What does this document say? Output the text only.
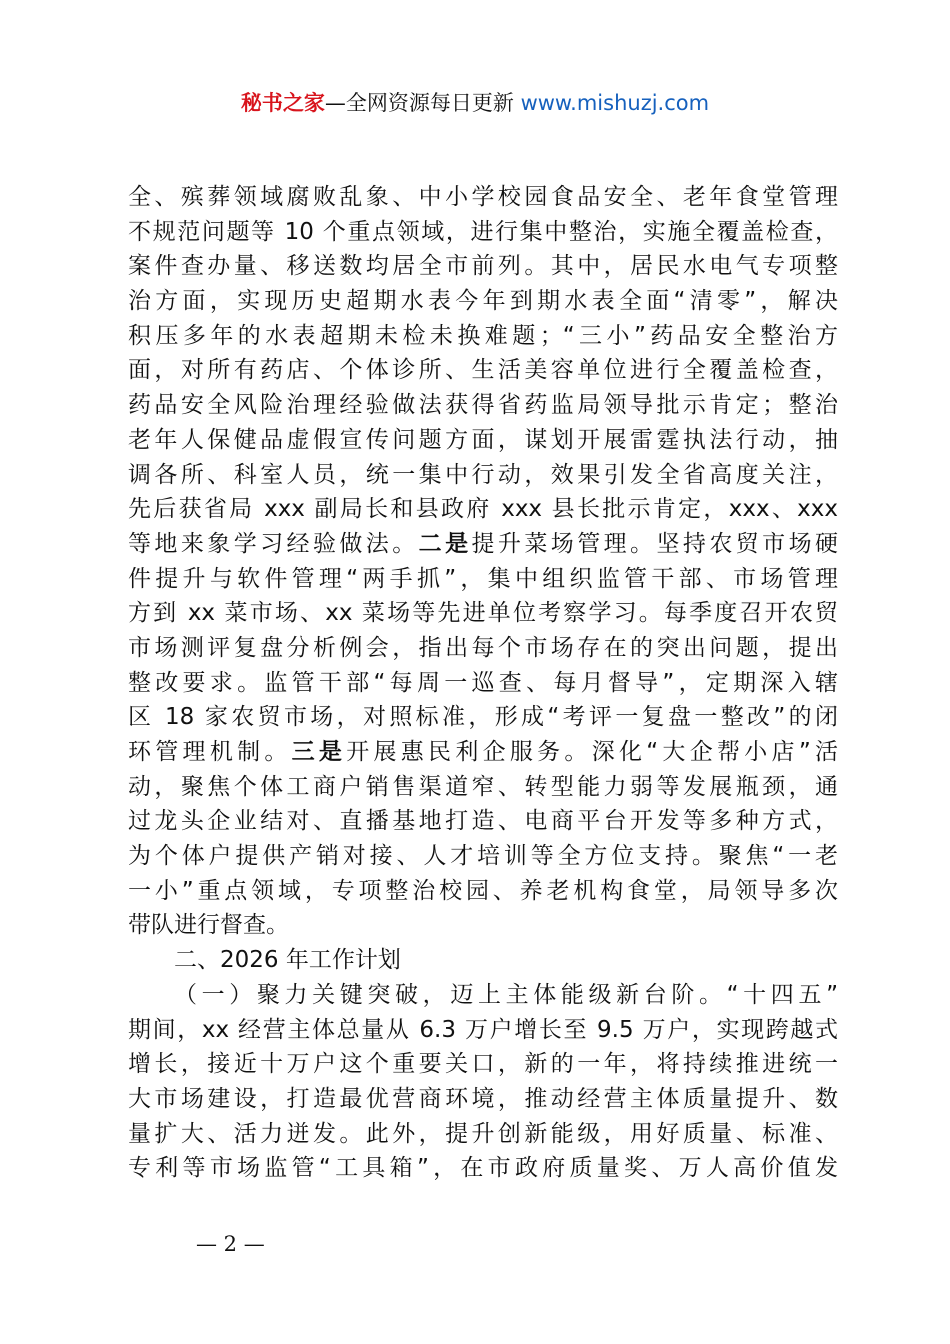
秘书之家—全网资源每日更新 www.mishuzj.com
全、殡葬领域腐败乱象、中小学校园食品安全、老年食堂管理
不规范问题等 10 个重点领域，进行集中整治，实施全覆盖检查，
案件查办量、移送数均居全市前列。其中，居民水电气专项整
治方面，实现历史超期水表今年到期水表全面“清零”，解决
积压多年的水表超期未检未换难题；“三小”药品安全整治方
面，对所有药店、个体诊所、生活美容单位进行全覆盖检查，
药品安全风险治理经验做法获得省药监局领导批示肯定；整治
老年人保健品虚假宣传问题方面，谋划开展雷霆执法行动，抽
调各所、科室人员，统一集中行动，效果引发全省高度关注，
先后获省局 xxx 副局长和县政府 xxx 县长批示肯定，xxx、xxx
等地来象学习经验做法。二是提升菜场管理。坚持农贸市场硬
件提升与软件管理“两手抓”，集中组织监管干部、市场管理
方到 xx 菜市场、xx 菜场等先进单位考察学习。每季度召开农贸
市场测评复盘分析例会，指出每个市场存在的突出问题，提出
整改要求。监管干部“每周一巡查、每月督导”，定期深入辖
区 18 家农贸市场，对照标准，形成“考评一复盘一整改”的闭
环管理机制。三是开展惠民利企服务。深化“大企帮小店”活
动，聚焦个体工商户销售渠道窄、转型能力弱等发展瓶颈，通
过龙头企业结对、直播基地打造、电商平台开发等多种方式，
为个体户提供产销对接、人才培训等全方位支持。聚焦“一老
一小”重点领域，专项整治校园、养老机构食堂，局领导多次
带队进行督查。
二、2026 年工作计划
（一）聚力关键突破，迈上主体能级新台阶。“十四五”
期间，xx 经营主体总量从 6.3 万户增长至 9.5 万户，实现跨越式
增长，接近十万户这个重要关口，新的一年，将持续推进统一
大市场建设，打造最优营商环境，推动经营主体质量提升、数
量扩大、活力迸发。此外，提升创新能级，用好质量、标准、
专利等市场监管“工具箱”，在市政府质量奖、万人高价值发
— 2 —
